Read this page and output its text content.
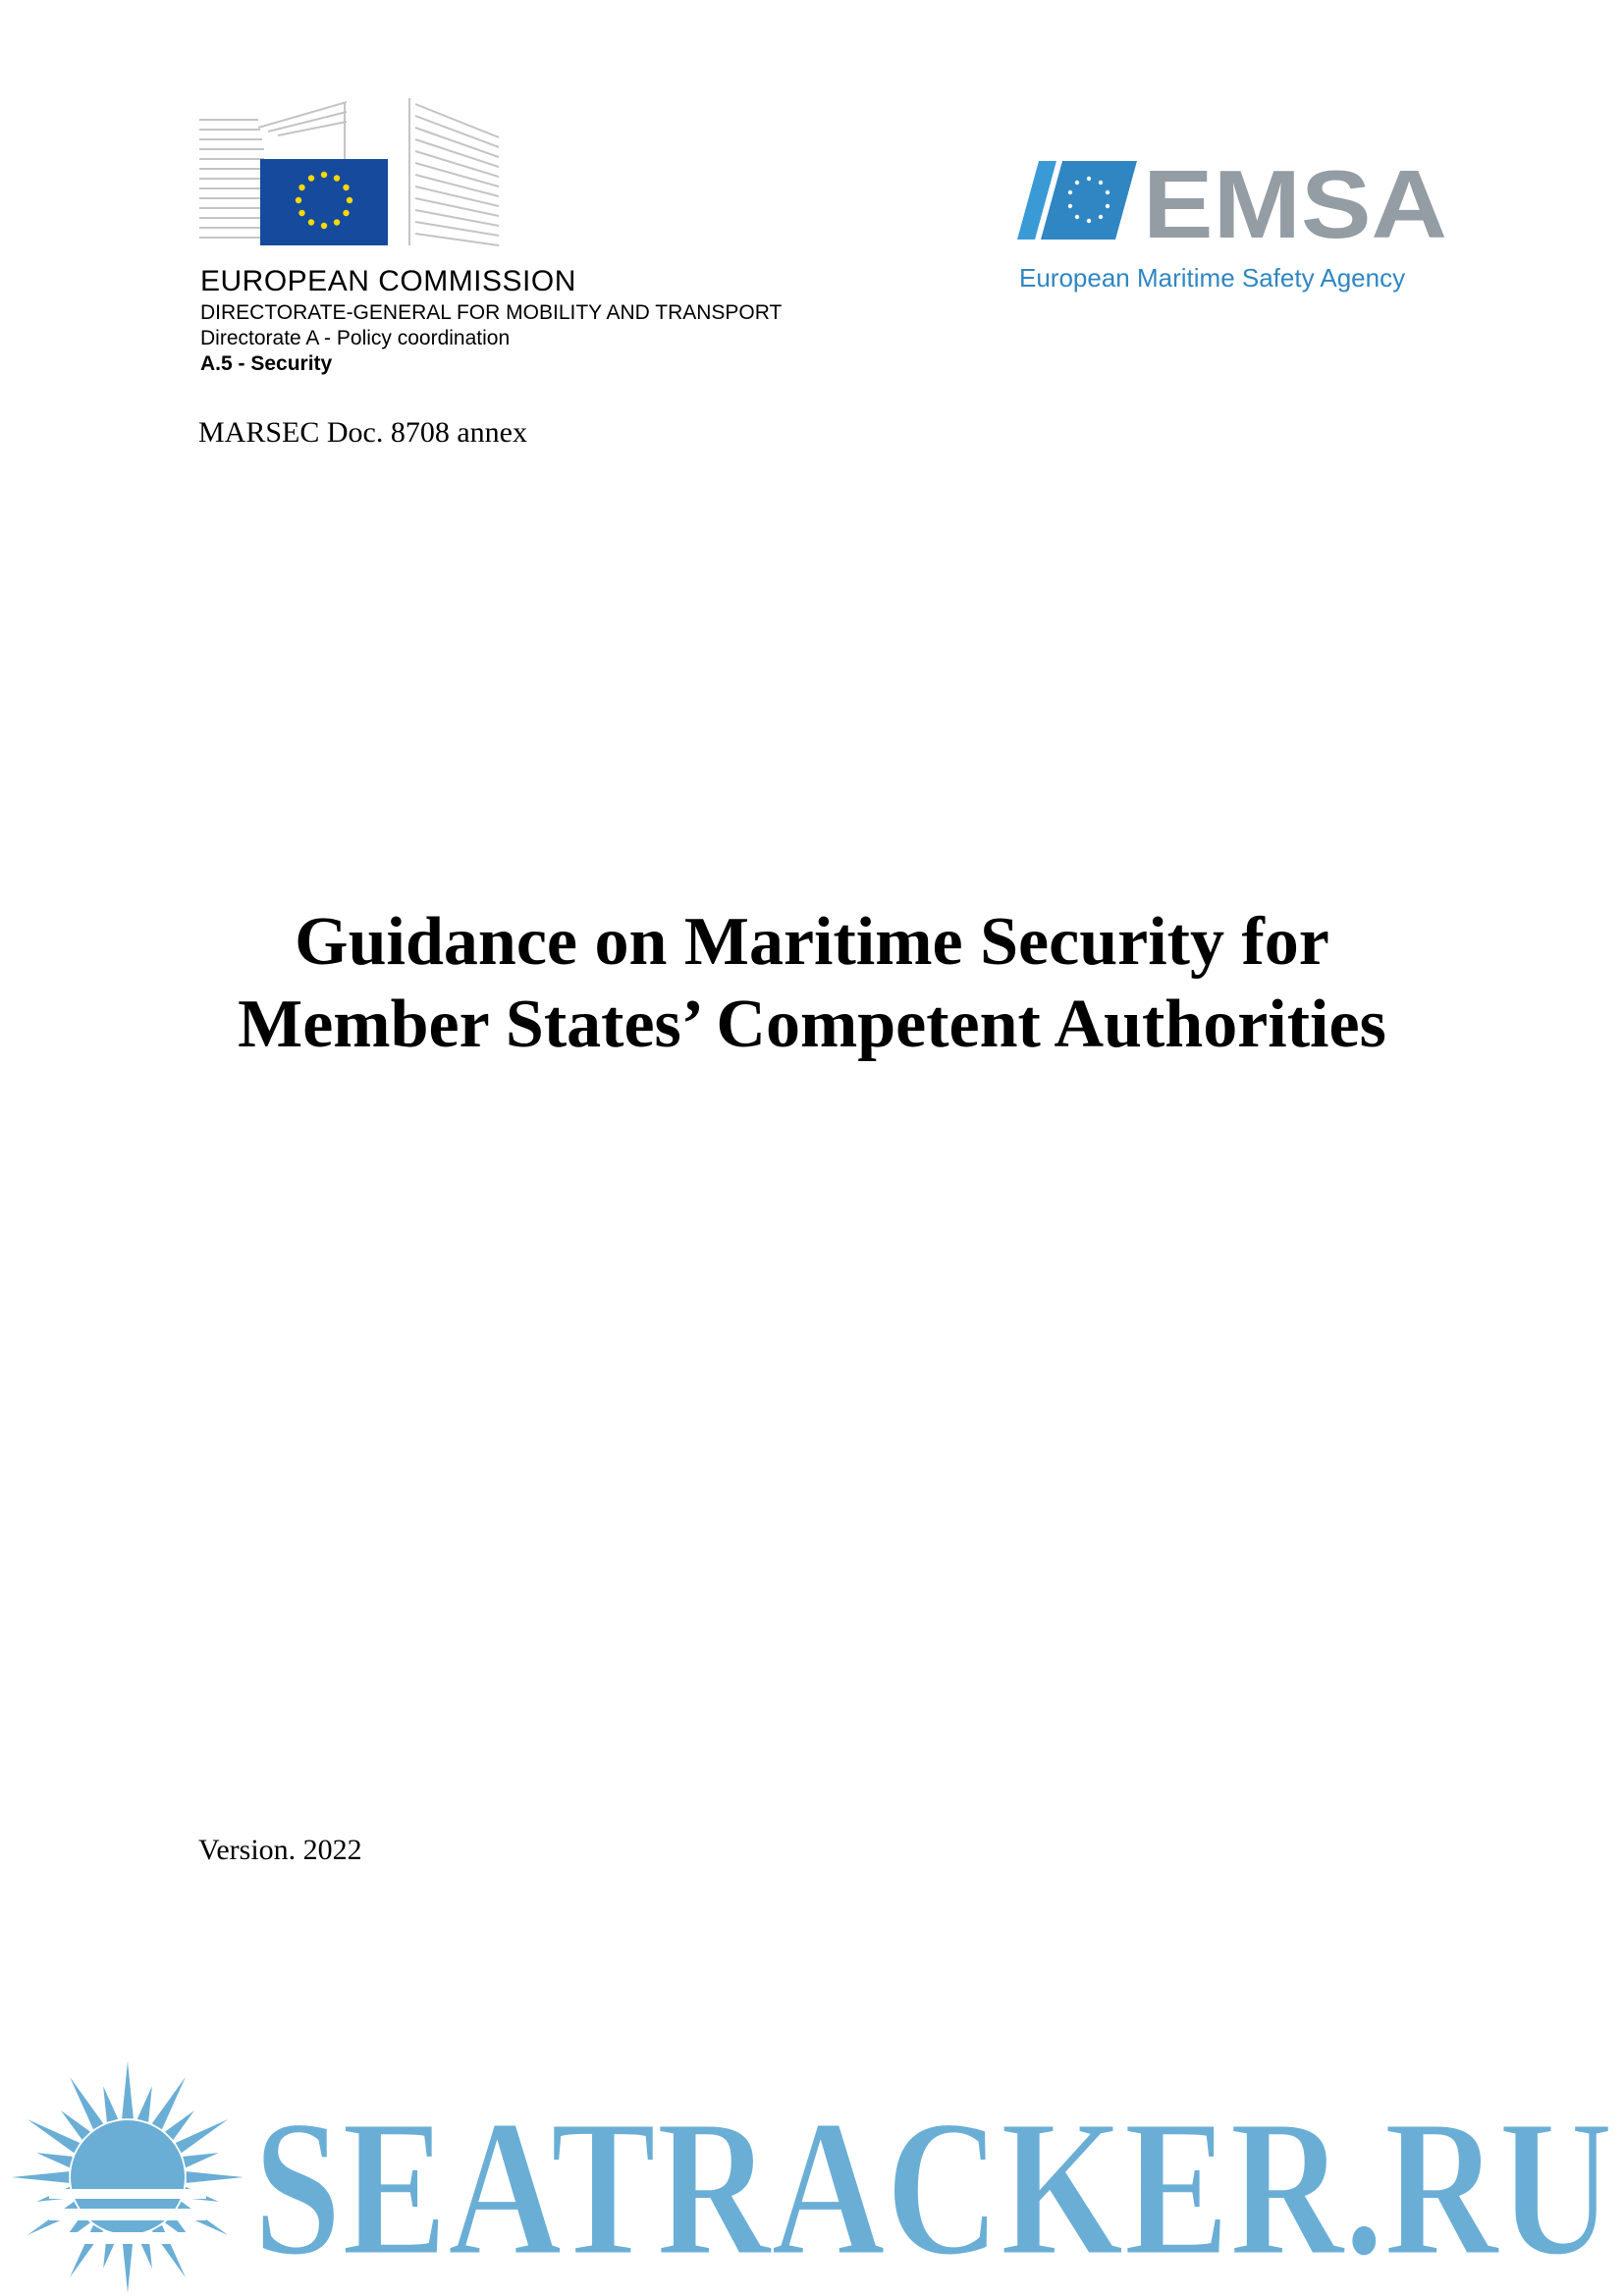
EUROPEAN COMMISSION
DIRECTORATE-GENERAL FOR MOBILITY AND TRANSPORT
Directorate A - Policy coordination
A.5 - Security
EMSA
European Maritime Safety Agency
MARSEC Doc. 8708 annex
Guidance on Maritime Security for
Member States’ Competent Authorities
Version. 2022
SEATRACKER.RU
